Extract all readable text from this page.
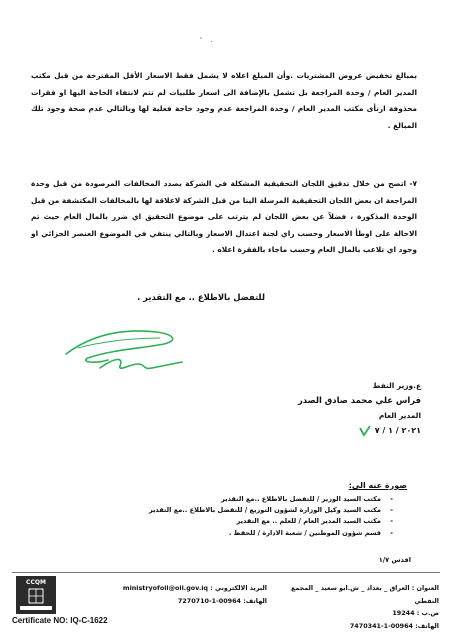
' .
بمبالغ تخفيض عروض المشتريات .وأن المبلغ اعلاه لا يشمل فقط الاسعار الأقل المقترحة من قبل مكتب المدير العام / وحدة المراجعة بل تشمل بالإضافة الى اسعار طلبيات لم تتم لانتفاء الحاجة اليها او فقرات محذوفة ارتأى مكتب المدير العام / وحدة المراجعة عدم وجود حاجة فعلية لها وبالتالي عدم صحة وجود تلك المبالغ .
٧- اتضح من خلال تدقيق اللجان التحقيقية المشكلة في الشركة بصدد المخالفات المرصودة من قبل وحدة المراجعة ان بعض اللجان التحقيقية المرسلة الينا من قبل الشركة لاعلاقة لها بالمخالفات المكتشفة من قبل الوحدة المذكورة ، فضلاً عن بعض اللجان لم يترتب على موضوع التحقيق اي ضرر بالمال العام حيث تم الاحالة على اوطأ الاسعار وحسب راي لجنة اعتدال الاسعار وبالتالي ينتفي في الموضوع العنصر الجزائي او وجود اي تلاعب بالمال العام وحسب ماجاء بالفقرة اعلاه .
للتفضل بالاطلاع .. مع التقدير .
ع.وزير النفط
فراس علي محمد صادق الصدر
المدير العام
٢٠٢١ / ١ / ٧
صورة عنه الى:
- مكتب السيد الوزير / للتفضل بالاطلاع ..مع التقدير
- مكتب السيد وكيل الوزارة لشؤون التوزيع / للتفضل بالاطلاع ..مع التقدير
- مكتب السيد المدير العام / للعلم .. مع التقدير
- قسم شؤون الموطنين / شعبة الادارة / للحفظ .
اقدس ١/٧
CCQM
البريد الالكتروني : ministryofoil@oil.gov.iq
الهاتف: 00964-1-7270710
العنوان : العراق _ بغداد _ ش.ابو سعيد _ المجمع النفطي
ص.ب : 19244
الهاتف: 00964-1-7470341
Certificate NO: IQ-C-1622
